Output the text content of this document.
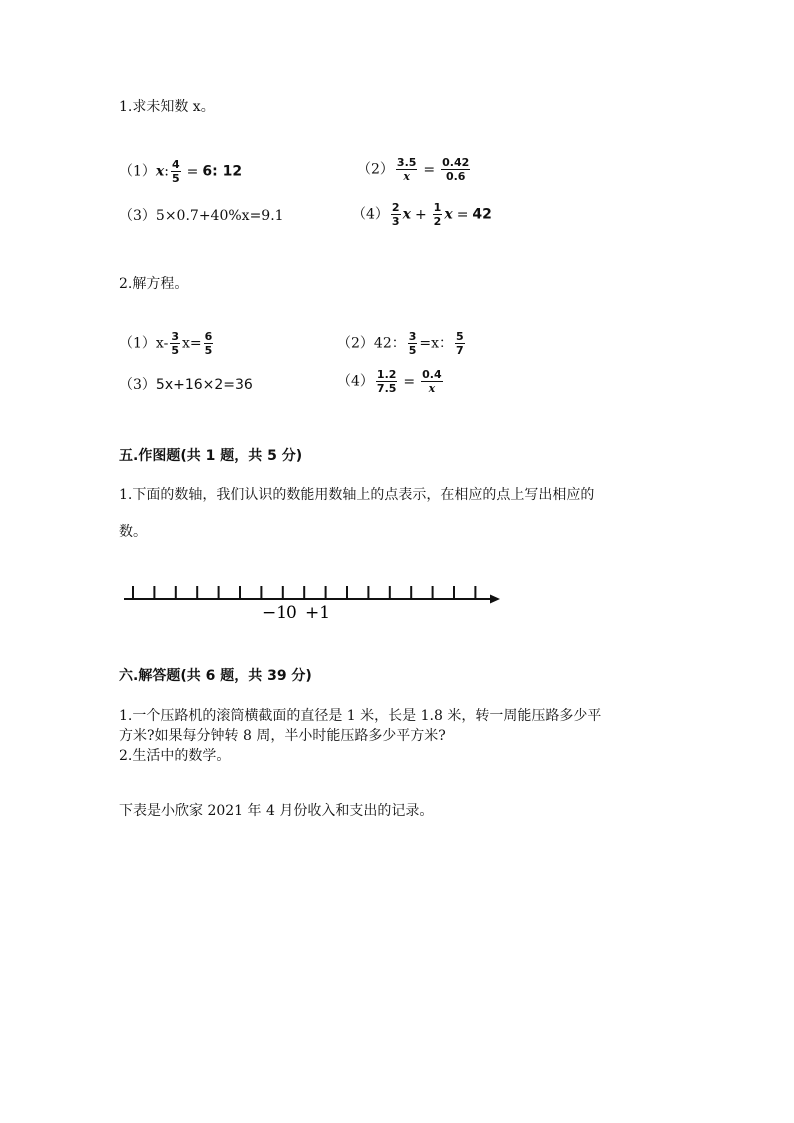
1.求未知数 x。
（1）x: $\frac{4}{5} = 6$: 12	$(2) \frac{3.5}{x} = \frac{0.42}{0.6}$
（3）5×0.7+40%x=9.1	$(4) \frac{2}{3}$ $x + \frac{1}{2}$ x = 42
2.解方程。
$(1)x- \frac{3}{5} x= \frac{6}{5}$	（2）42： $\frac{3}{5} =x$： $\frac{5}{7}$
（3）5x+16×2=36	$(4) \frac{1.2}{7.5} = \frac{0.4}{x}$
五.作图题(共 1 题，共 5 分)
1.下面的数轴，我们认识的数能用数轴上的点表示，在相应的点上写出相应的
数。
−1
0 +1
六.解答题(共 6 题，共 39 分)
1.一个压路机的滚筒横截面的直径是 1 米，长是 1.8 米，转一周能压路多少平
方米?如果每分钟转 8 周，半小时能压路多少平方米?
2.生活中的数学。
下表是小欣家 2021 年 4 月份收入和支出的记录。
